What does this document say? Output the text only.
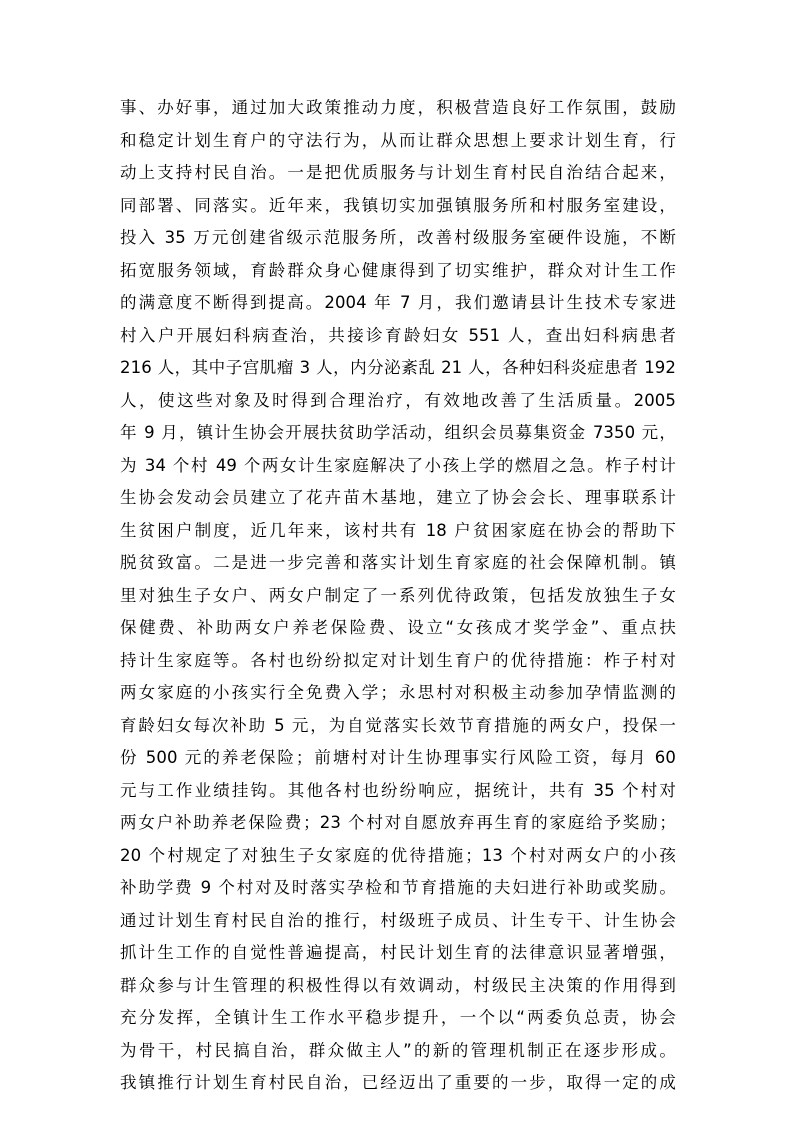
事、办好事，通过加大政策推动力度，积极营造良好工作氛围，鼓励
和稳定计划生育户的守法行为，从而让群众思想上要求计划生育，行
动上支持村民自治。一是把优质服务与计划生育村民自治结合起来，
同部署、同落实。近年来，我镇切实加强镇服务所和村服务室建设，
投入 35 万元创建省级示范服务所，改善村级服务室硬件设施，不断
拓宽服务领域，育龄群众身心健康得到了切实维护，群众对计生工作
的满意度不断得到提高。2004 年 7 月，我们邀请县计生技术专家进
村入户开展妇科病查治，共接诊育龄妇女 551 人，查出妇科病患者
216 人，其中子宫肌瘤 3 人，内分泌紊乱 21 人，各种妇科炎症患者 192
人，使这些对象及时得到合理治疗，有效地改善了生活质量。2005
年 9 月，镇计生协会开展扶贫助学活动，组织会员募集资金 7350 元，
为 34 个村 49 个两女计生家庭解决了小孩上学的燃眉之急。柞子村计
生协会发动会员建立了花卉苗木基地，建立了协会会长、理事联系计
生贫困户制度，近几年来，该村共有 18 户贫困家庭在协会的帮助下
脱贫致富。二是进一步完善和落实计划生育家庭的社会保障机制。镇
里对独生子女户、两女户制定了一系列优待政策，包括发放独生子女
保健费、补助两女户养老保险费、设立“女孩成才奖学金”、重点扶
持计生家庭等。各村也纷纷拟定对计划生育户的优待措施：柞子村对
两女家庭的小孩实行全免费入学；永思村对积极主动参加孕情监测的
育龄妇女每次补助 5 元，为自觉落实长效节育措施的两女户，投保一
份 500 元的养老保险；前塘村对计生协理事实行风险工资，每月 60
元与工作业绩挂钩。其他各村也纷纷响应，据统计，共有 35 个村对
两女户补助养老保险费；23 个村对自愿放弃再生育的家庭给予奖励；
20 个村规定了对独生子女家庭的优待措施；13 个村对两女户的小孩
补助学费 9 个村对及时落实孕检和节育措施的夫妇进行补助或奖励。
通过计划生育村民自治的推行，村级班子成员、计生专干、计生协会
抓计生工作的自觉性普遍提高，村民计划生育的法律意识显著增强，
群众参与计生管理的积极性得以有效调动，村级民主决策的作用得到
充分发挥，全镇计生工作水平稳步提升，一个以“两委负总责，协会
为骨干，村民搞自治，群众做主人”的新的管理机制正在逐步形成。
我镇推行计划生育村民自治，已经迈出了重要的一步，取得一定的成
